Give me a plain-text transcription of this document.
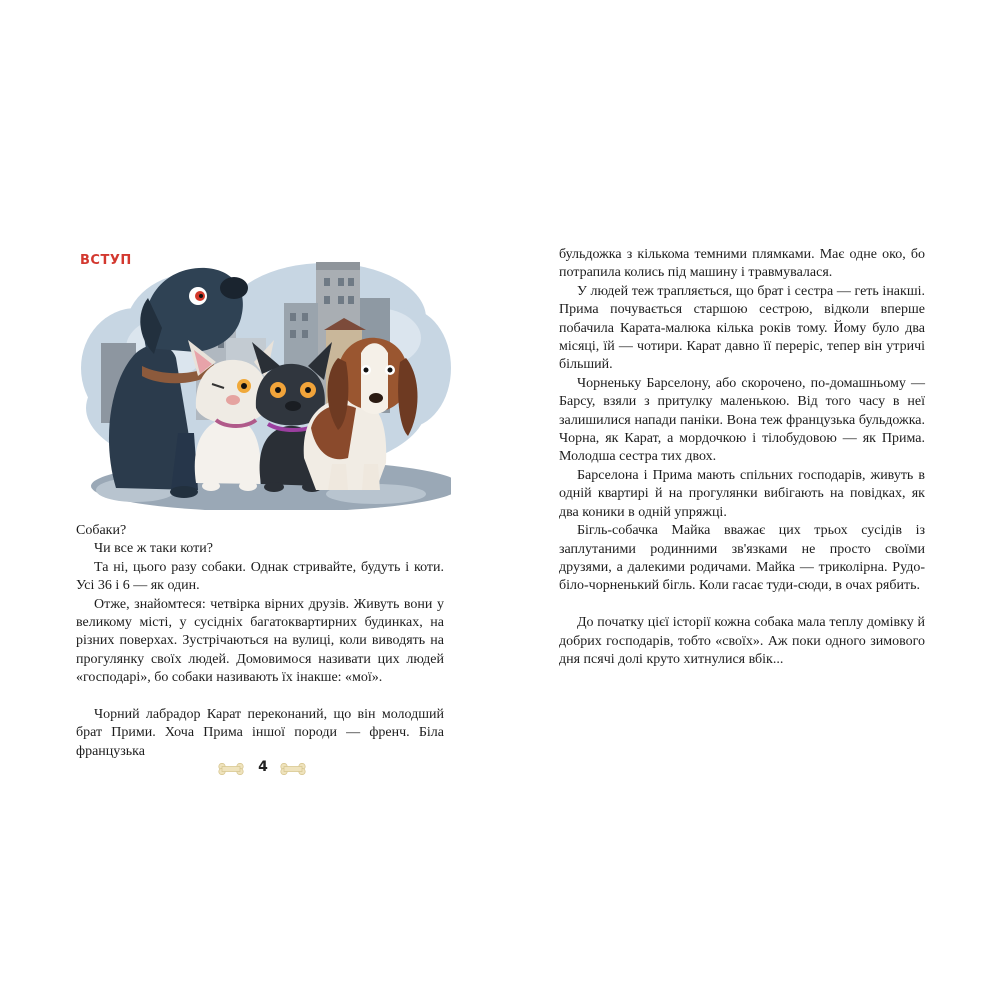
ВСТУП

Собаки?

Чи все ж таки коти?

Та ні, цього разу собаки. Однак стривайте, будуть і коти. Усі 36 і 6 — як один.

Отже, знайомтеся: четвірка вірних друзів. Живуть вони у великому місті, у сусідніх багатоквартирних будинках, на різних поверхах. Зустрічаються на вулиці, коли виводять на прогулянку своїх людей. Домовимося називати цих людей «господарі», бо собаки називають їх інакше: «мої».

Чорний лабрадор Карат переконаний, що він молодший брат Прими. Хоча Прима іншої породи — френч. Біла французька

4

бульдожка з кількома темними плямками. Має одне око, бо потрапила колись під машину і травмувалася.

У людей теж трапляється, що брат і сестра — геть інакші. Прима почувається старшою сестрою, відколи вперше побачила Карата-малюка кілька років тому. Йому було два місяці, їй — чотири. Карат давно її переріс, тепер він утричі більший.

Чорненьку Барселону, або скорочено, по-домашньому — Барсу, взяли з притулку маленькою. Від того часу в неї залишилися напади паніки. Вона теж французька бульдожка. Чорна, як Карат, а мордочкою і тілобудовою — як Прима. Молодша сестра тих двох.

Барселона і Прима мають спільних господарів, живуть в одній квартирі й на прогулянки вибігають на повідках, як два коники в одній упряжці.

Бігль-собачка Майка вважає цих трьох сусідів із заплутаними родинними зв'язками не просто своїми друзями, а далекими родичами. Майка — триколірна. Рудо-біло-чорненький бігль. Коли гасає туди-сюди, в очах рябить.

До початку цієї історії кожна собака мала теплу домівку й добрих господарів, тобто «своїх». Аж поки одного зимового дня псячі долі круто хитнулися вбік...
